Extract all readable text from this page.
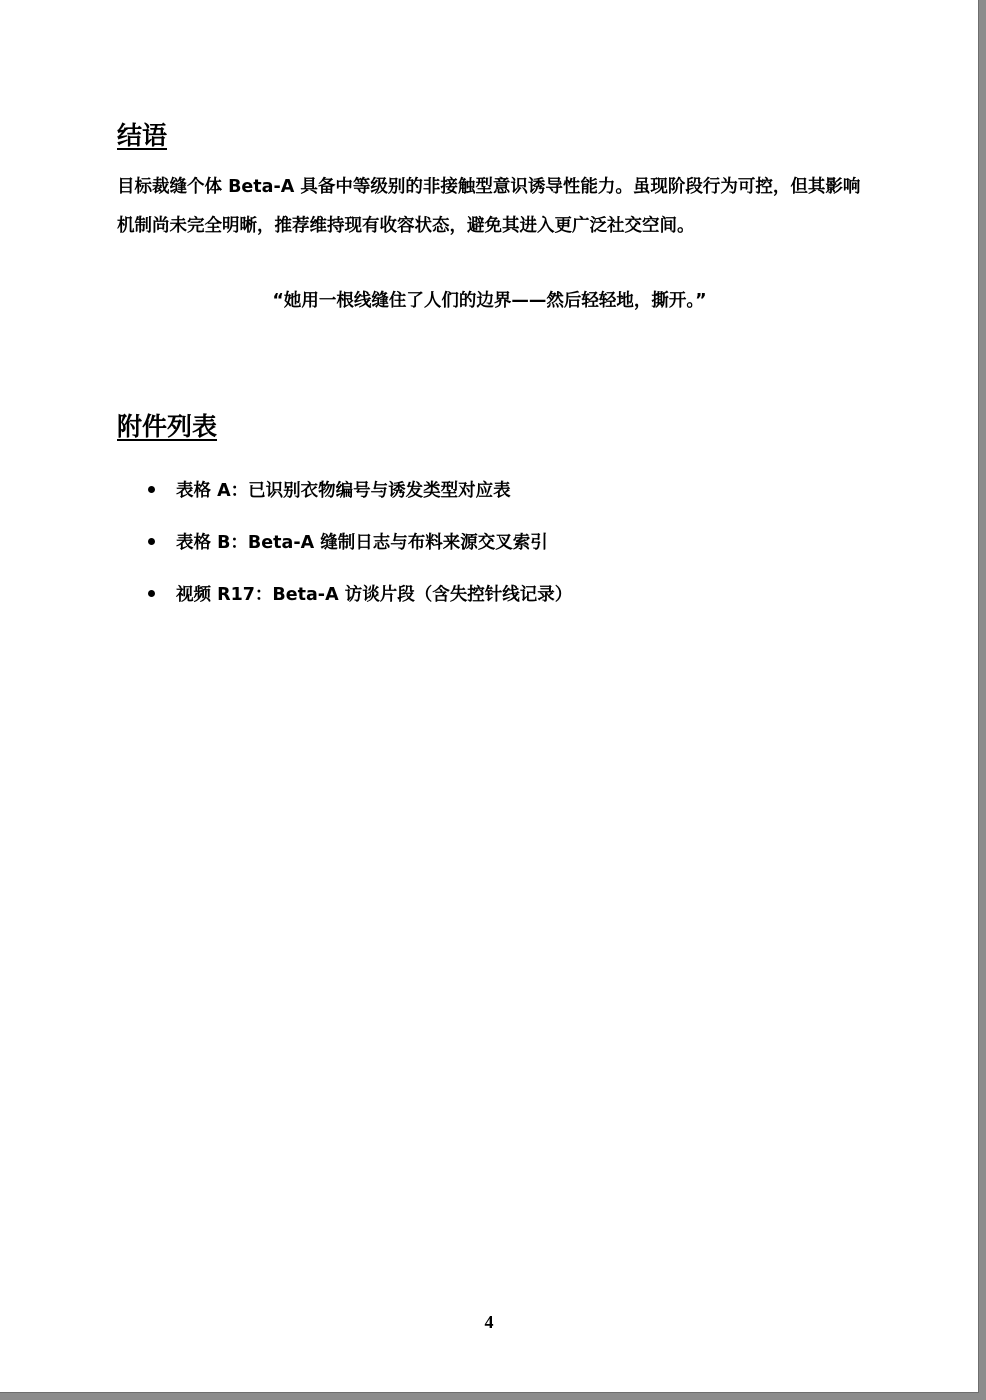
结语

目标裁缝个体 Beta-A 具备中等级别的非接触型意识诱导性能力。虽现阶段行为可控，但其影响机制尚未完全明晰，推荐维持现有收容状态，避免其进入更广泛社交空间。

“她用一根线缝住了人们的边界——然后轻轻地，撕开。”

附件列表
表格 A：已识别衣物编号与诱发类型对应表
表格 B：Beta-A 缝制日志与布料来源交叉索引
视频 R17：Beta-A 访谈片段（含失控针线记录）

4
